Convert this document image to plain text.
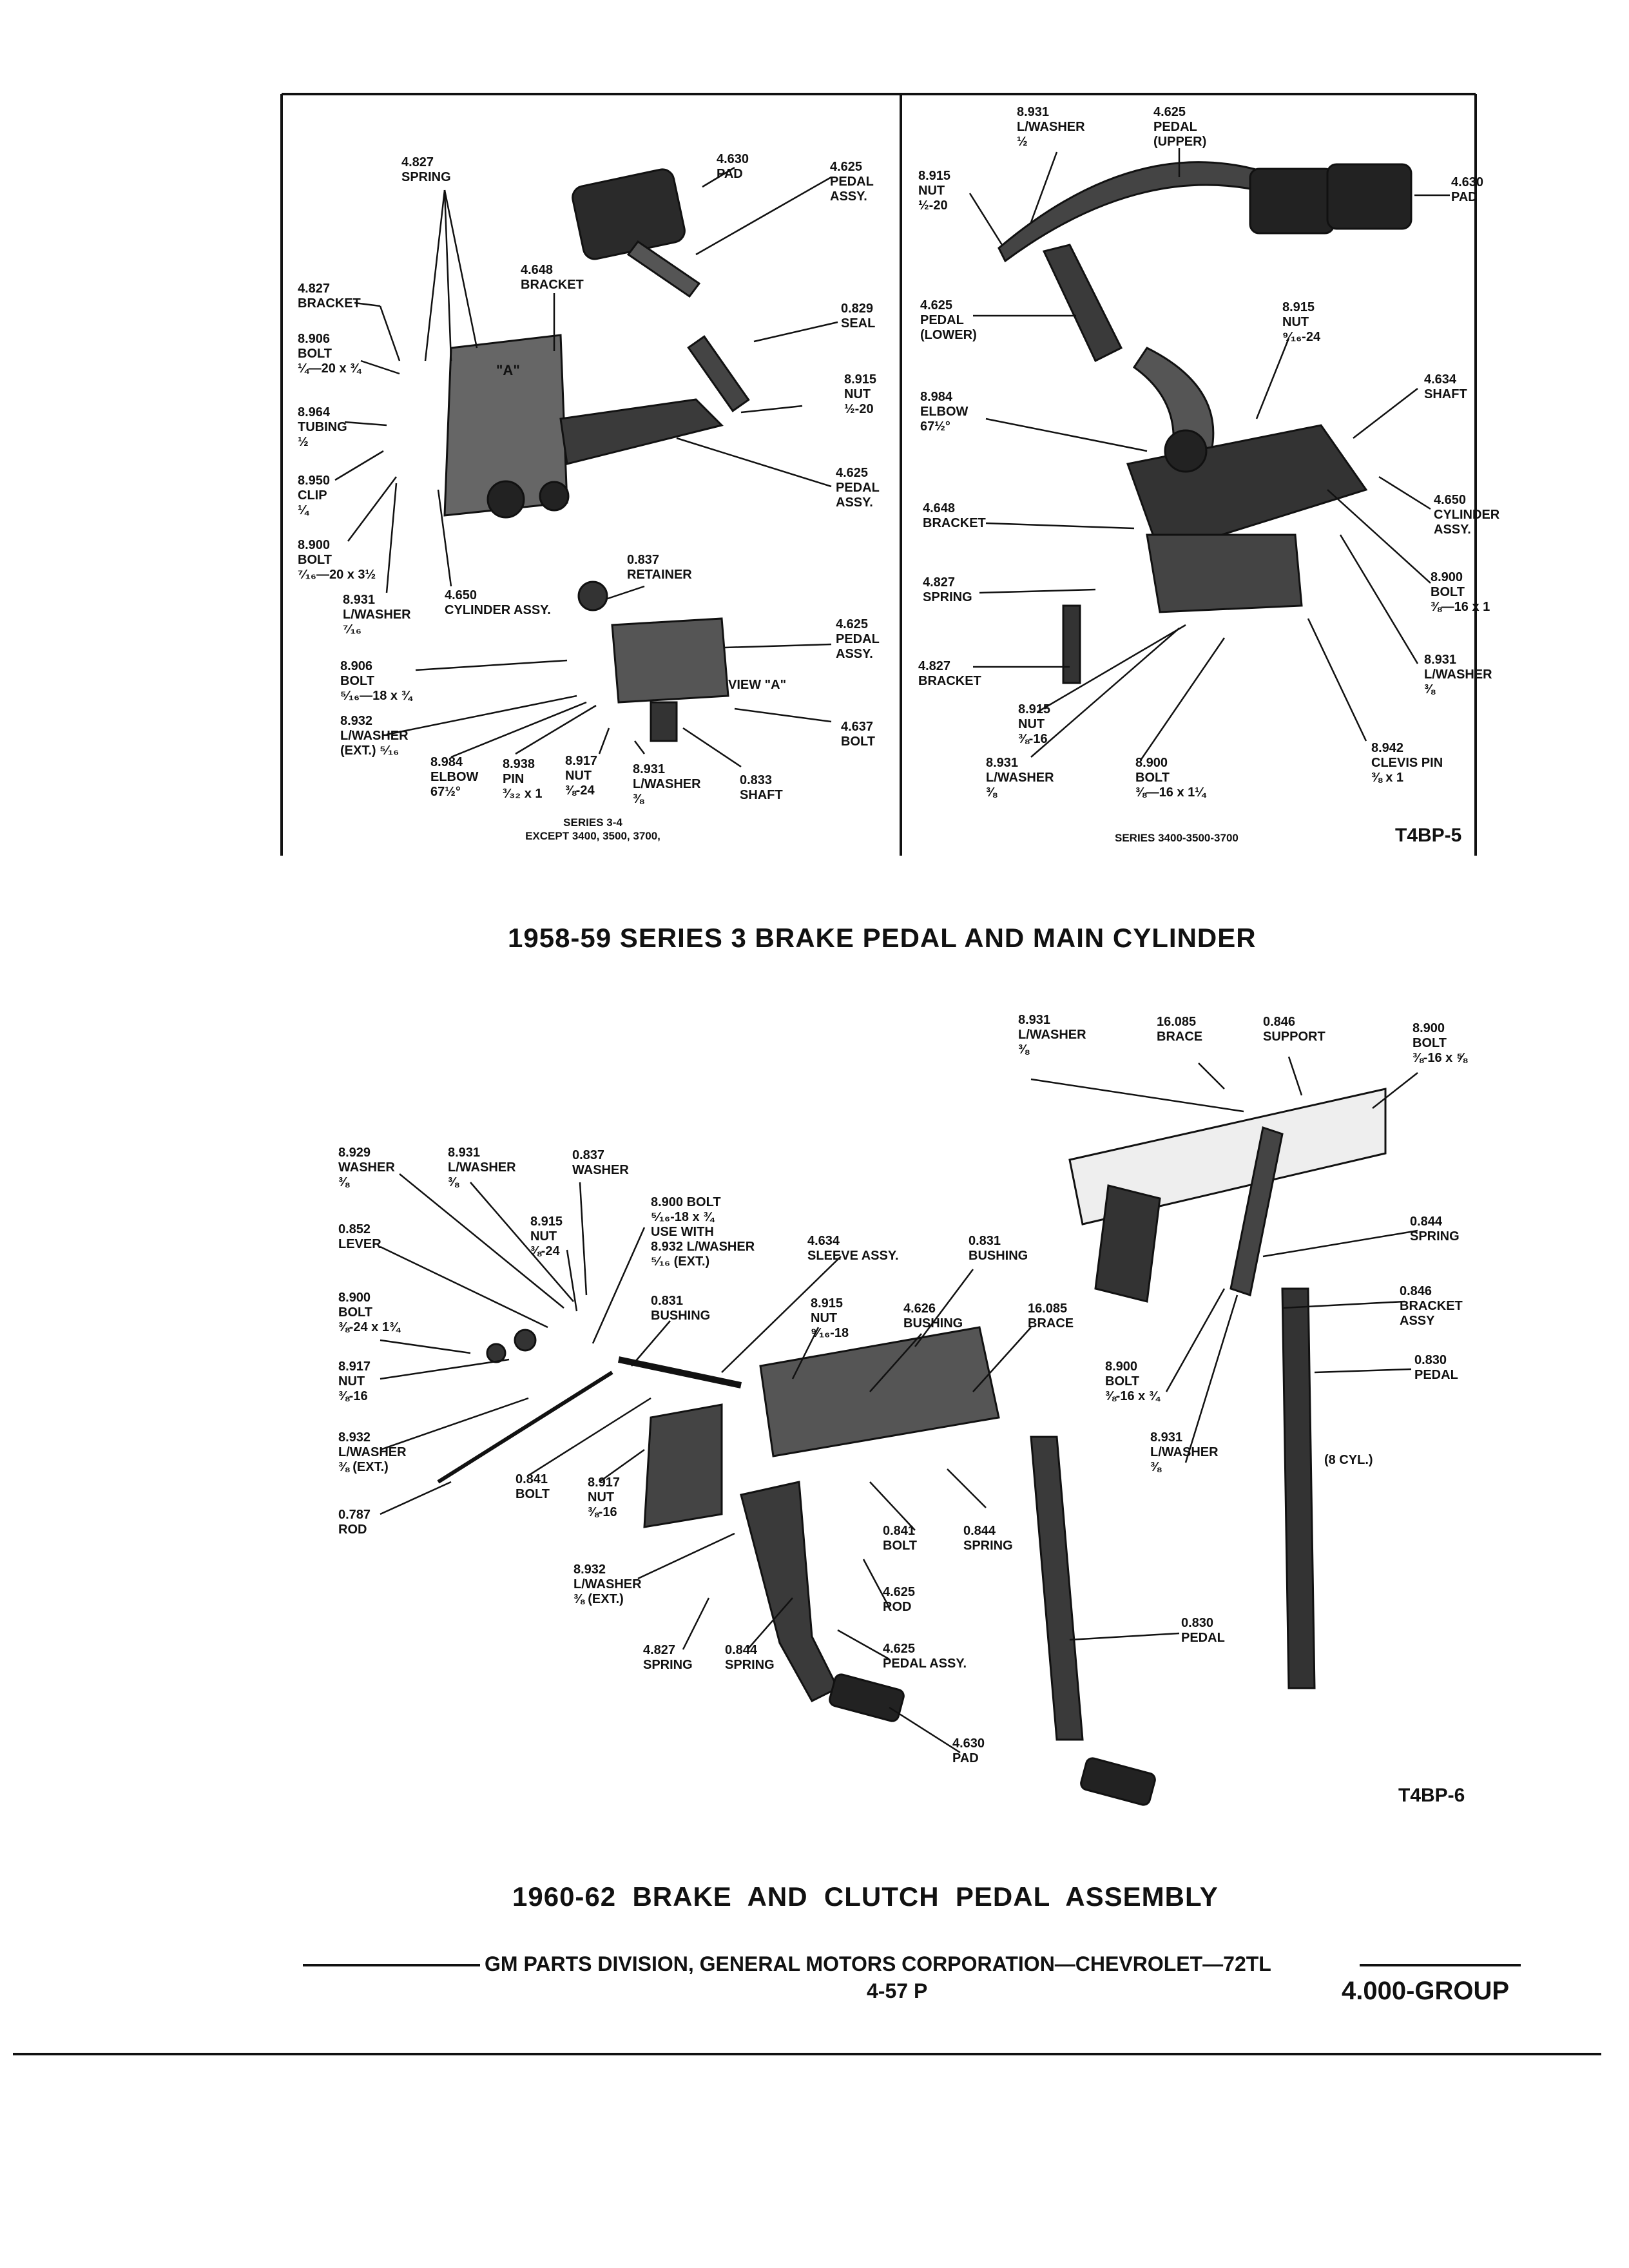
4.827
SPRING
4.630
PAD	4.625
PEDAL
ASSY.
4.648
BRACKET
4.827
BRACKET	0.829
SEAL
8.906
BOLT
¼—20 x ¾
8.915
NUT
½-20
8.964
TUBING
½
8.950
CLIP
¼
4.625
PEDAL
ASSY.
8.900
BOLT
⁷⁄₁₆—20 x 3½
0.837
RETAINER
8.931
L/WASHER
⁷⁄₁₆
4.650
CYLINDER ASSY.
4.625
PEDAL
ASSY.
8.906
BOLT
⁵⁄₁₆—18 x ¾
VIEW "A"
"A"
8.932
L/WASHER
(EXT.) ⁵⁄₁₆
4.637
BOLT
8.984
ELBOW
67½°
8.938
PIN
³⁄₃₂ x 1
8.917
NUT
⅜-24
8.931
L/WASHER
⅜
0.833
SHAFT
SERIES 3-4
EXCEPT 3400, 3500, 3700,
8.931
L/WASHER
½
4.625
PEDAL
(UPPER)
8.915
NUT
½-20
4.630
PAD
4.625
PEDAL
(LOWER)
8.915
NUT
⁹⁄₁₆-24
4.634
SHAFT
8.984
ELBOW
67½°
4.650
CYLINDER
ASSY.
4.648
BRACKET
8.900
BOLT
⅜—16 x 1
4.827
SPRING
8.931
L/WASHER
⅜
4.827
BRACKET
8.915
NUT
⅜-16
8.942
CLEVIS PIN
⅜ x 1
8.931
L/WASHER
⅜
8.900
BOLT
⅜—16 x 1¼
SERIES 3400-3500-3700	T4BP-5
1958-59 SERIES 3 BRAKE PEDAL AND MAIN CYLINDER
8.931
L/WASHER
⅜
16.085
BRACE
0.846
SUPPORT
8.900
BOLT
⅜-16 x ⅝
8.929
WASHER
⅜
8.931
L/WASHER
⅜
0.837
WASHER
8.915
NUT
⅜-24
0.852
LEVER
8.900 BOLT
⁵⁄₁₆-18 x ¾
USE WITH
8.932 L/WASHER
⁵⁄₁₆ (EXT.)
4.634
SLEEVE ASSY.
0.831
BUSHING
0.844
SPRING
8.900
BOLT
⅜-24 x 1¾
0.831
BUSHING
8.915
NUT
⁹⁄₁₆-18
4.626
BUSHING
16.085
BRACE
0.846
BRACKET
ASSY
8.917
NUT
⅜-16
0.830
PEDAL
8.900
BOLT
⅜-16 x ¾
8.932
L/WASHER
⅜ (EXT.)
8.931
L/WASHER
⅜	(8 CYL.)
0.841
BOLT
8.917
NUT
⅜-16
0.787
ROD	0.841
BOLT
0.844
SPRING
8.932
L/WASHER
⅜ (EXT.)	4.625
ROD
0.830
PEDAL
4.827
SPRING
0.844
SPRING
4.625
PEDAL ASSY.
4.630
PAD
T4BP-6
1960-62  BRAKE  AND  CLUTCH  PEDAL  ASSEMBLY
GM PARTS DIVISION, GENERAL MOTORS CORPORATION—CHEVROLET—72TL
4-57 P	4.000-GROUP
